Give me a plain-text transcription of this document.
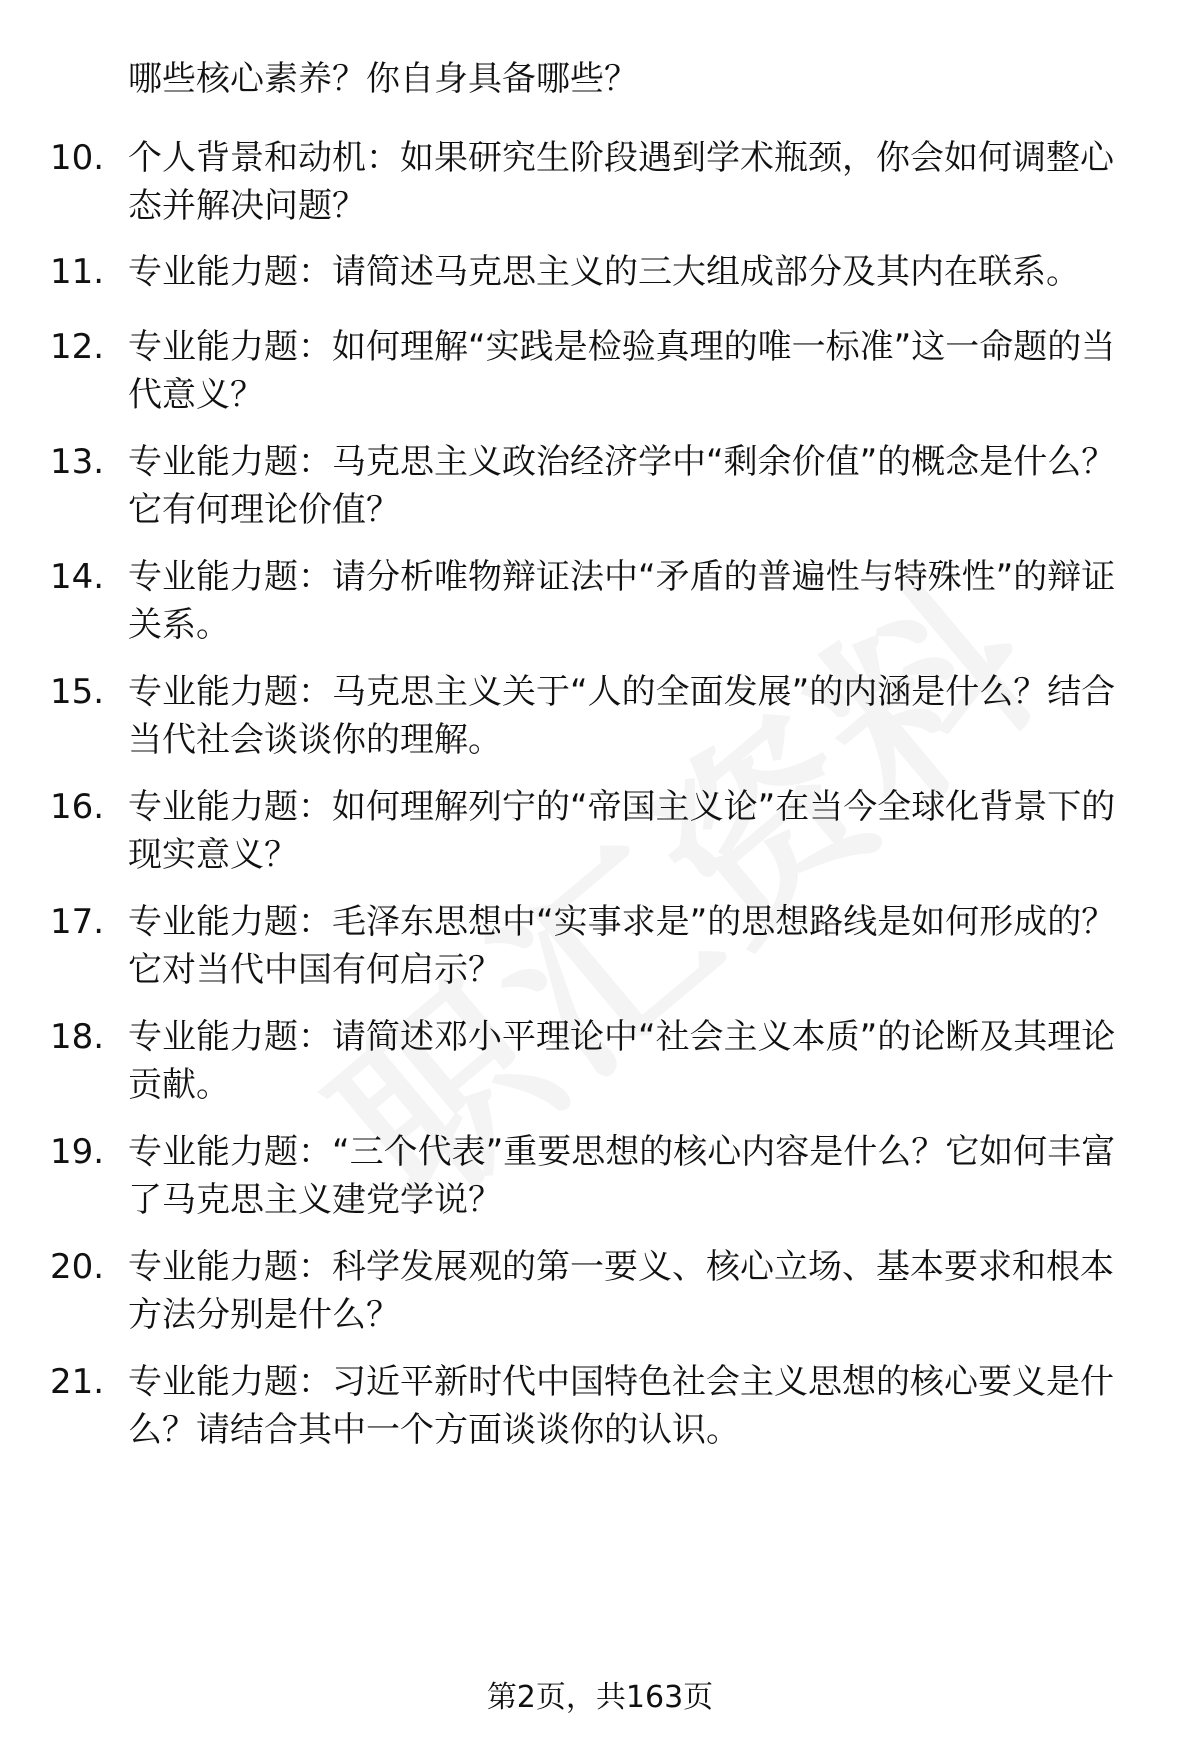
哪些核心素养？你自身具备哪些？
10. 个人背景和动机：如果研究生阶段遇到学术瓶颈，你会如何调整心态并解决问题？
11. 专业能力题：请简述马克思主义的三大组成部分及其内在联系。
12. 专业能力题：如何理解“实践是检验真理的唯一标准”这一命题的当代意义？
13. 专业能力题：马克思主义政治经济学中“剩余价值”的概念是什么？它有何理论价值？
14. 专业能力题：请分析唯物辩证法中“矛盾的普遍性与特殊性”的辩证关系。
15. 专业能力题：马克思主义关于“人的全面发展”的内涵是什么？结合当代社会谈谈你的理解。
16. 专业能力题：如何理解列宁的“帝国主义论”在当今全球化背景下的现实意义？
17. 专业能力题：毛泽东思想中“实事求是”的思想路线是如何形成的？它对当代中国有何启示？
18. 专业能力题：请简述邓小平理论中“社会主义本质”的论断及其理论贡献。
19. 专业能力题：“三个代表”重要思想的核心内容是什么？它如何丰富了马克思主义建党学说？
20. 专业能力题：科学发展观的第一要义、核心立场、基本要求和根本方法分别是什么？
21. 专业能力题：习近平新时代中国特色社会主义思想的核心要义是什么？请结合其中一个方面谈谈你的认识。
第2页，共163页
